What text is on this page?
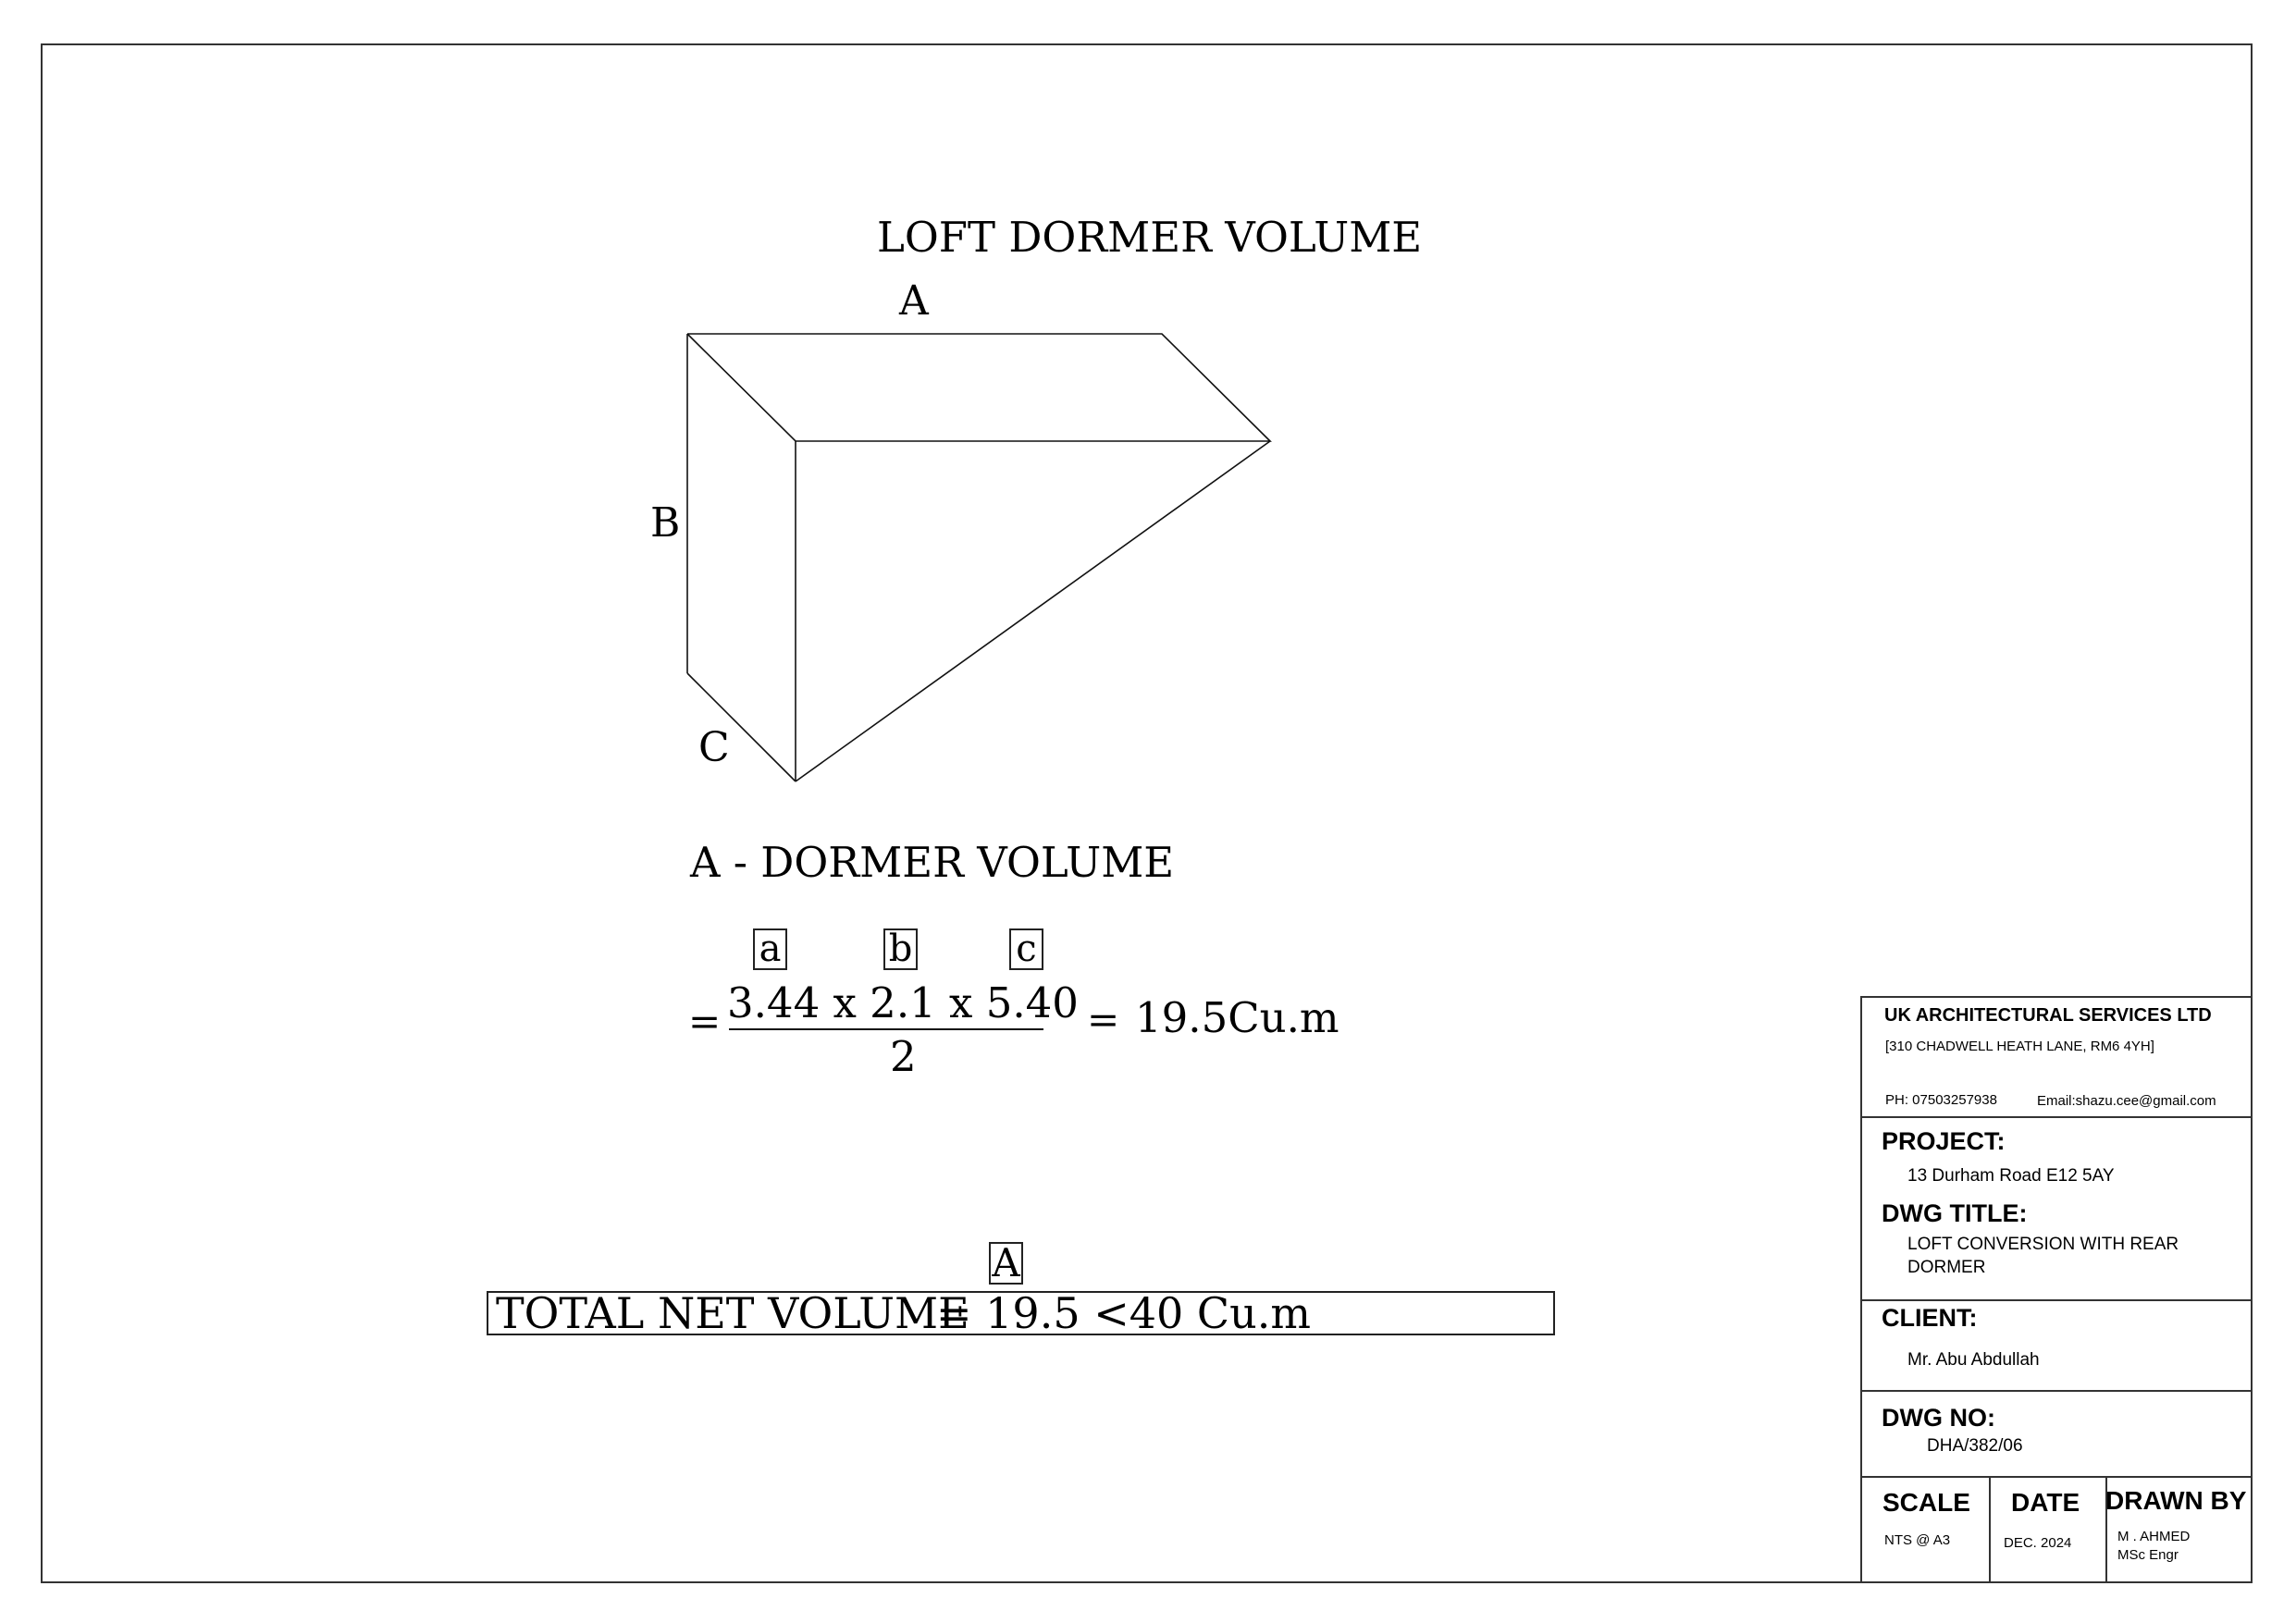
LOFT DORMER VOLUME
A
B
C
A - DORMER VOLUME
a	b	c
= 3.44 x 2.1 x 5.40
2
= 19.5Cu.m
A
TOTAL NET VOLUME
= 19.5 <40 Cu.m
UK ARCHITECTURAL SERVICES LTD
[310 CHADWELL HEATH LANE, RM6 4YH]
PH: 07503257938	Email:shazu.cee@gmail.com
PROJECT:
13 Durham Road E12 5AY
DWG TITLE:
LOFT CONVERSION WITH REAR
DORMER
CLIENT:
Mr. Abu Abdullah
DWG NO:
DHA/382/06
SCALE
NTS @ A3
DATE
DEC. 2024
DRAWN BY
M . AHMED
MSc Engr
